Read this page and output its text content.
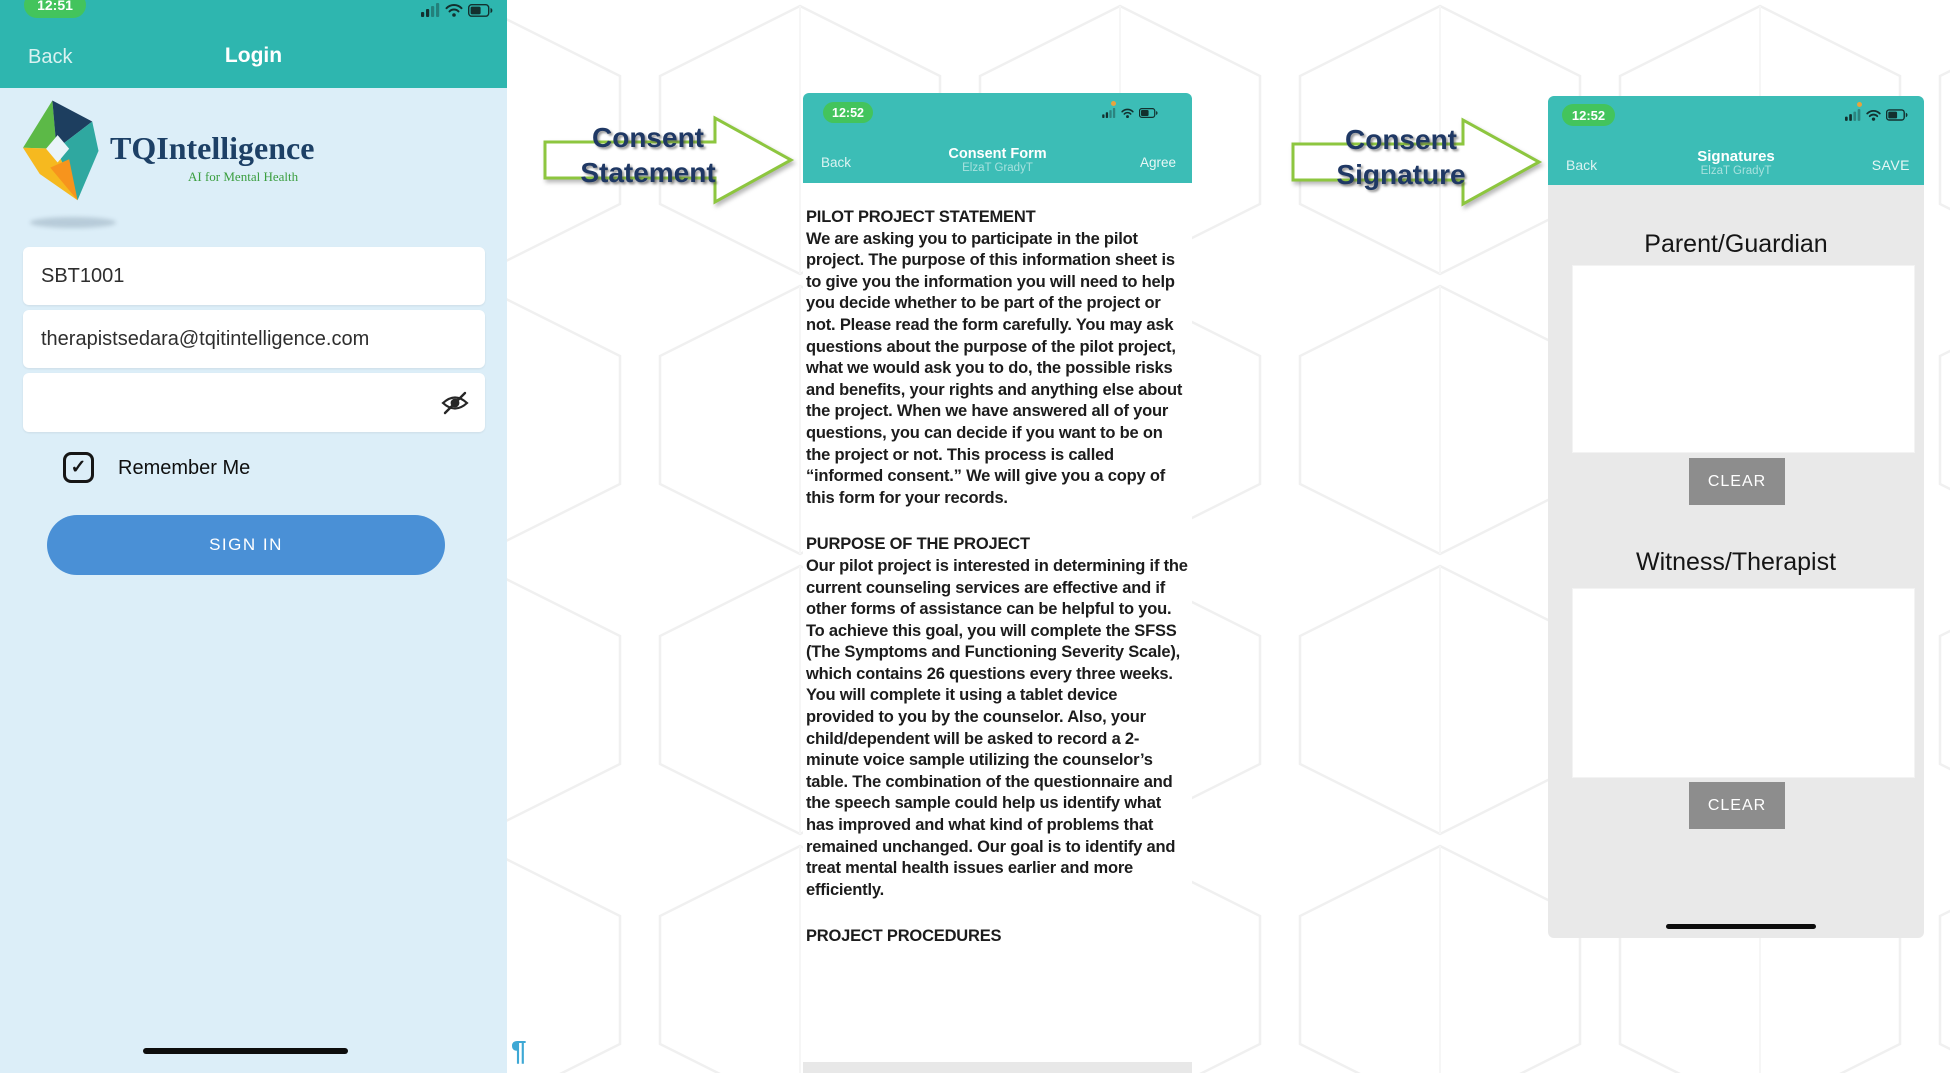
12:51
Back	Login
TQIntelligence
AI for Mental Health
SBT1001
therapistsedara@tqitintelligence.com
✓ Remember Me
SIGN IN
¶
Consent
Statement
12:52
Back
Consent Form
ElzaT GradyT	Agree
PILOT PROJECT STATEMENT

We are asking you to participate in the pilot project. The purpose of this information sheet is to give you the information you will need to help you decide whether to be part of the project or not. Please read the form carefully. You may ask questions about the purpose of the pilot project, what we would ask you to do, the possible risks and benefits, your rights and anything else about the project. When we have answered all of your questions, you can decide if you want to be on the project or not. This process is called “informed consent.” We will give you a copy of this form for your records.

PURPOSE OF THE PROJECT

Our pilot project is interested in determining if the current counseling services are effective and if other forms of assistance can be helpful to you. To achieve this goal, you will complete the SFSS (The Symptoms and Functioning Severity Scale), which contains 26 questions every three weeks. You will complete it using a tablet device provided to you by the counselor. Also, your child/dependent will be asked to record a 2-minute voice sample utilizing the counselor’s table. The combination of the questionnaire and the speech sample could help us identify what has improved and what kind of problems that remained unchanged. Our goal is to identify and treat mental health issues earlier and more efficiently.

PROJECT PROCEDURES
Consent
Signature
12:52
Back	Signatures
ElzaT GradyT	SAVE
Parent/Guardian
CLEAR
Witness/Therapist
CLEAR
